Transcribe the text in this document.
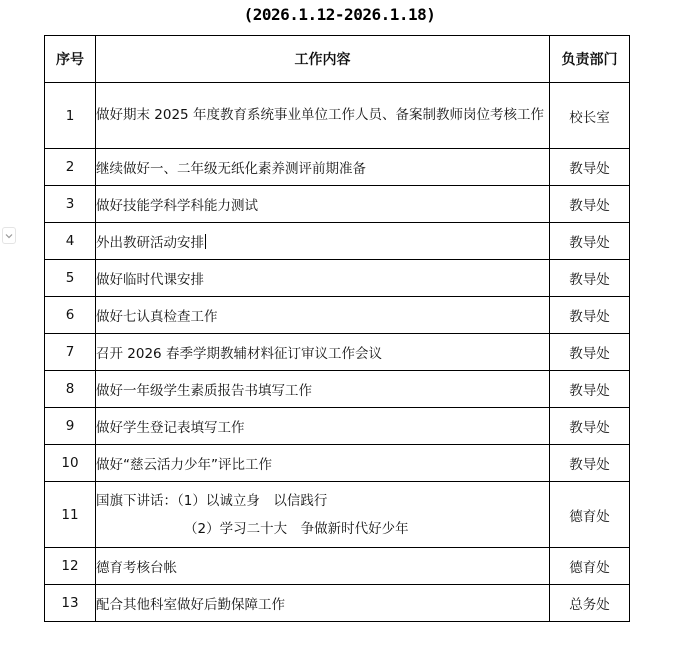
(2026.1.12-2026.1.18)
序号	工作内容	负责部门
1	做好期末 2025 年度教育系统事业单位工作人员、备案制教师岗位考核工作	校长室
2	继续做好一、二年级无纸化素养测评前期准备	教导处
3	做好技能学科学科能力测试	教导处
4	外出教研活动安排	教导处
5	做好临时代课安排	教导处
6	做好七认真检查工作	教导处
7	召开 2026 春季学期教辅材料征订审议工作会议	教导处
8	做好一年级学生素质报告书填写工作	教导处
9	做好学生登记表填写工作	教导处
10	做好“慈云活力少年”评比工作	教导处
11	国旗下讲话：（1）以诚立身　以信践行
（2）学习二十大　争做新时代好少年	德育处
12	德育考核台帐	德育处
13	配合其他科室做好后勤保障工作	总务处
